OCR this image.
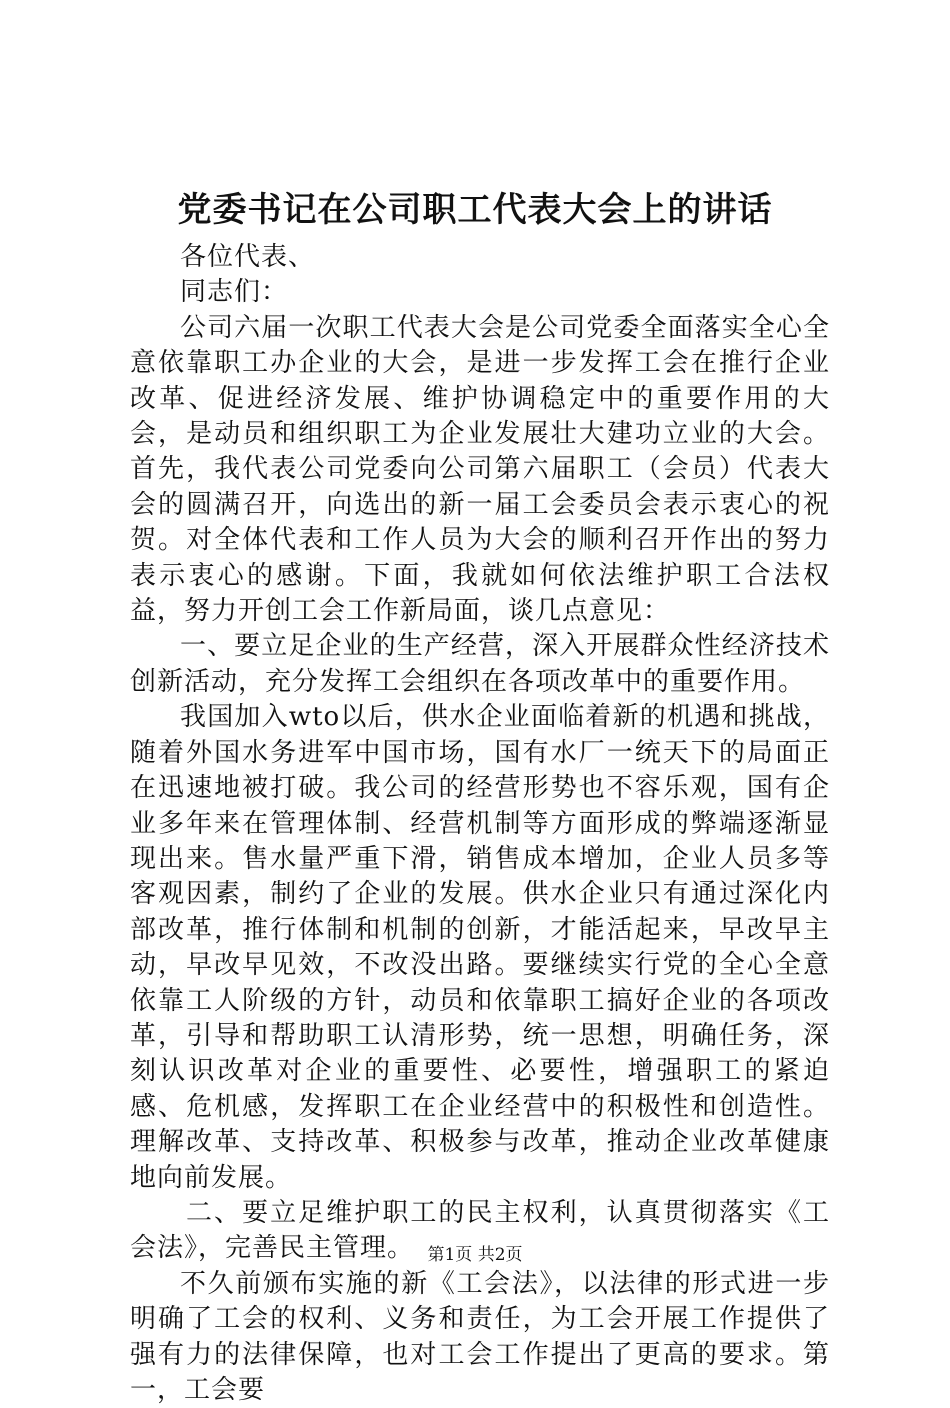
党委书记在公司职工代表大会上的讲话

各位代表、

同志们：

公司六届一次职工代表大会是公司党委全面落实全心全意依靠职工办企业的大会，是进一步发挥工会在推行企业改革、促进经济发展、维护协调稳定中的重要作用的大会，是动员和组织职工为企业发展壮大建功立业的大会。首先，我代表公司党委向公司第六届职工（会员）代表大会的圆满召开，向选出的新一届工会委员会表示衷心的祝贺。对全体代表和工作人员为大会的顺利召开作出的努力表示衷心的感谢。下面，我就如何依法维护职工合法权益，努力开创工会工作新局面，谈几点意见：

一、要立足企业的生产经营，深入开展群众性经济技术创新活动，充分发挥工会组织在各项改革中的重要作用。

我国加入wto以后，供水企业面临着新的机遇和挑战，随着外国水务进军中国市场，国有水厂一统天下的局面正在迅速地被打破。我公司的经营形势也不容乐观，国有企业多年来在管理体制、经营机制等方面形成的弊端逐渐显现出来。售水量严重下滑，销售成本增加，企业人员多等客观因素，制约了企业的发展。供水企业只有通过深化内部改革，推行体制和机制的创新，才能活起来，早改早主动，早改早见效，不改没出路。要继续实行党的全心全意依靠工人阶级的方针，动员和依靠职工搞好企业的各项改革，引导和帮助职工认清形势，统一思想，明确任务，深刻认识改革对企业的重要性、必要性，增强职工的紧迫感、危机感，发挥职工在企业经营中的积极性和创造性。理解改革、支持改革、积极参与改革，推动企业改革健康地向前发展。

二、要立足维护职工的民主权利，认真贯彻落实《工会法》，完善民主管理。

不久前颁布实施的新《工会法》，以法律的形式进一步明确了工会的权利、义务和责任，为工会开展工作提供了强有力的法律保障，也对工会工作提出了更高的要求。第一，工会要

第1页 共2页
